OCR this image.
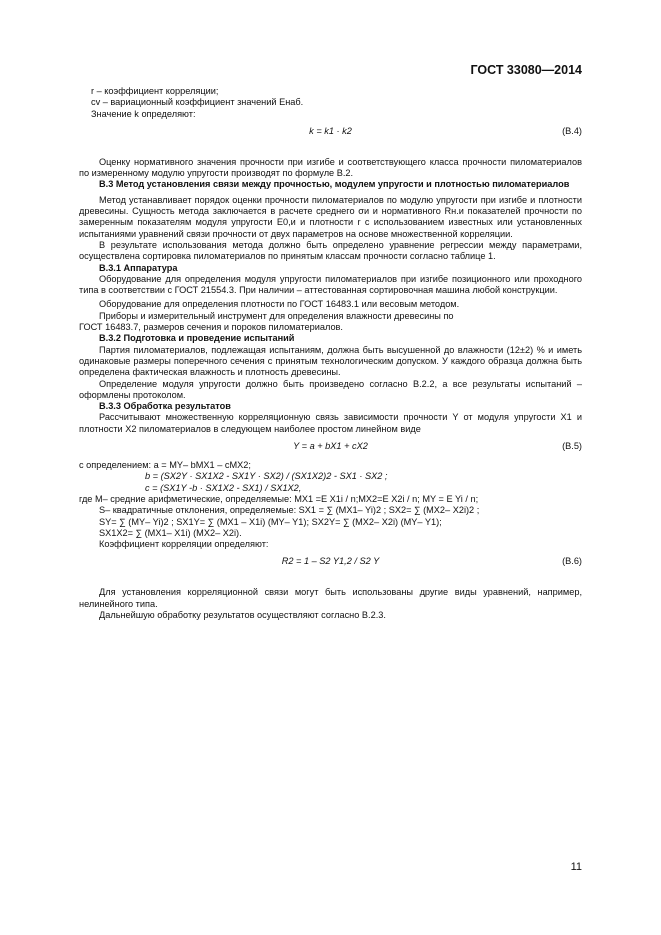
ГОСТ 33080—2014

r – коэффициент корреляции;

cv – вариационный коэффициент значений Eнаб.

Значение k определяют:

k = k1 · k2	(В.4)

Оценку нормативного значения прочности при изгибе и соответствующего класса прочности пиломатериалов по измеренному модулю упругости производят по формуле В.2.

В.3 Метод установления связи между прочностью, модулем упругости и плотностью пиломатериалов

Метод устанавливает порядок оценки прочности пиломатериалов по модулю упругости при изгибе и плотности древесины. Сущность метода заключается в расчете среднего σи и нормативного Rн.и показателей прочности по замеренным показателям модуля упругости E0,и и плотности r с использованием известных или установленных испытаниями уравнений связи прочности от двух параметров на основе множественной корреляции.

В результате использования метода должно быть определено уравнение регрессии между параметрами, осуществлена сортировка пиломатериалов по принятым классам прочности согласно таблице 1.

В.3.1 Аппаратура

Оборудование для определения модуля упругости пиломатериалов при изгибе позиционного или проходного типа в соответствии с ГОСТ 21554.3. При наличии – аттестованная сортировочная машина любой конструкции.

Оборудование для определения плотности по ГОСТ 16483.1 или весовым методом.

Приборы и измерительный инструмент для определения влажности древесины по

ГОСТ 16483.7, размеров сечения и пороков пиломатериалов.

В.3.2 Подготовка и проведение испытаний

Партия пиломатериалов, подлежащая испытаниям, должна быть высушенной до влажности (12±2) % и иметь одинаковые размеры поперечного сечения с принятым технологическим допуском. У каждого образца должна быть определена фактическая влажность и плотность древесины.

Определение модуля упругости должно быть произведено согласно В.2.2, а все результаты испытаний – оформлены протоколом.

В.3.3 Обработка результатов

Рассчитывают множественную корреляционную связь зависимости прочности Y от модуля упругости X1 и плотности X2 пиломатериалов в следующем наиболее простом линейном виде

Y = a + bX1 + cX2	(В.5)

с определением: a = MY– bMX1 – cMX2;

b = (SX2Y · SX1X2 - SX1Y · SX2) / (SX1X2)2 - SX1 · SX2 ;

c = (SX1Y -b · SX1X2 - SX1) / SX1X2,

где M– средние арифметические, определяемые: MX1 =E X1i / n;MX2=E X2i / n; MY = E Yi / n;

S– квадратичные отклонения, определяемые: SX1 = ∑ (MX1– Yi)2 ; SX2= ∑ (MX2– X2i)2 ;

SY= ∑ (MY– Yi)2 ; SX1Y= ∑ (MX1 – X1i) (MY– Y1); SX2Y= ∑ (MX2– X2i) (MY– Y1);

SX1X2= ∑ (MX1– X1i) (MX2– X2i).

Коэффициент корреляции определяют:

R2 = 1 – S2 Y1,2 / S2 Y	(В.6)

Для установления корреляционной связи могут быть использованы другие виды уравнений, например, нелинейного типа.

Дальнейшую обработку результатов осуществляют согласно В.2.3.

11
